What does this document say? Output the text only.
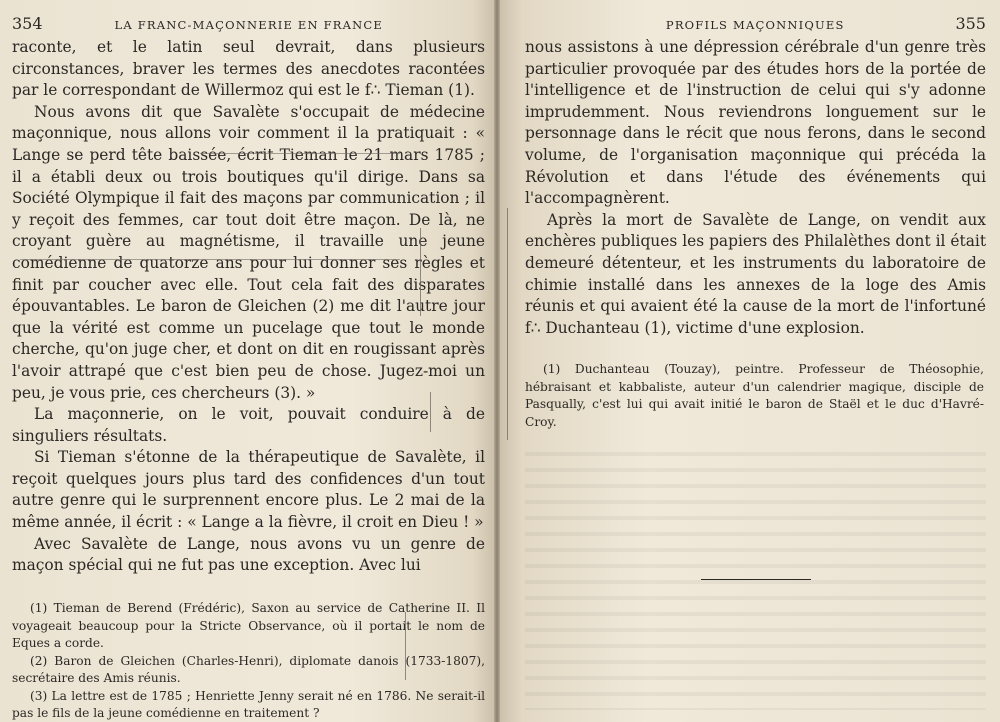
354	LA FRANC-MAÇONNERIE EN FRANCE

raconte, et le latin seul devrait, dans plusieurs circonstances, braver les termes des anecdotes racontées par le correspondant de Willermoz qui est le f∴ Tieman (1).

Nous avons dit que Savalète s'occupait de médecine maçonnique, nous allons voir comment il la pratiquait : « Lange se perd tête baissée, écrit Tieman le 21 mars 1785 ; il a établi deux ou trois boutiques qu'il dirige. Dans sa Société Olympique il fait des maçons par communication ; il y reçoit des femmes, car tout doit être maçon. De là, ne croyant guère au magnétisme, il travaille une jeune comédienne de quatorze ans pour lui donner ses règles et finit par coucher avec elle. Tout cela fait des disparates épouvantables. Le baron de Gleichen (2) me dit l'autre jour que la vérité est comme un pucelage que tout le monde cherche, qu'on juge cher, et dont on dit en rougissant après l'avoir attrapé que c'est bien peu de chose. Jugez-moi un peu, je vous prie, ces chercheurs (3). »

La maçonnerie, on le voit, pouvait conduire à de singuliers résultats.

Si Tieman s'étonne de la thérapeutique de Savalète, il reçoit quelques jours plus tard des confidences d'un tout autre genre qui le surprennent encore plus. Le 2 mai de la même année, il écrit : « Lange a la fièvre, il croit en Dieu ! »

Avec Savalète de Lange, nous avons vu un genre de maçon spécial qui ne fut pas une exception. Avec lui

(1) Tieman de Berend (Frédéric), Saxon au service de Catherine II. Il voyageait beaucoup pour la Stricte Observance, où il portait le nom de Eques a corde.

(2) Baron de Gleichen (Charles-Henri), diplomate danois (1733-1807), secrétaire des Amis réunis.

(3) La lettre est de 1785 ; Henriette Jenny serait né en 1786. Ne serait-il pas le fils de la jeune comédienne en traitement ?

PROFILS MAÇONNIQUES	355

nous assistons à une dépression cérébrale d'un genre très particulier provoquée par des études hors de la portée de l'intelligence et de l'instruction de celui qui s'y adonne imprudemment. Nous reviendrons longuement sur le personnage dans le récit que nous ferons, dans le second volume, de l'organisation maçonnique qui précéda la Révolution et dans l'étude des événements qui l'accompagnèrent.

Après la mort de Savalète de Lange, on vendit aux enchères publiques les papiers des Philalèthes dont il était demeuré détenteur, et les instruments du laboratoire de chimie installé dans les annexes de la loge des Amis réunis et qui avaient été la cause de la mort de l'infortuné f∴ Duchanteau (1), victime d'une explosion.

(1) Duchanteau (Touzay), peintre. Professeur de Théosophie, hébraisant et kabbaliste, auteur d'un calendrier magique, disciple de Pasqually, c'est lui qui avait initié le baron de Staël et le duc d'Havré-Croy.
